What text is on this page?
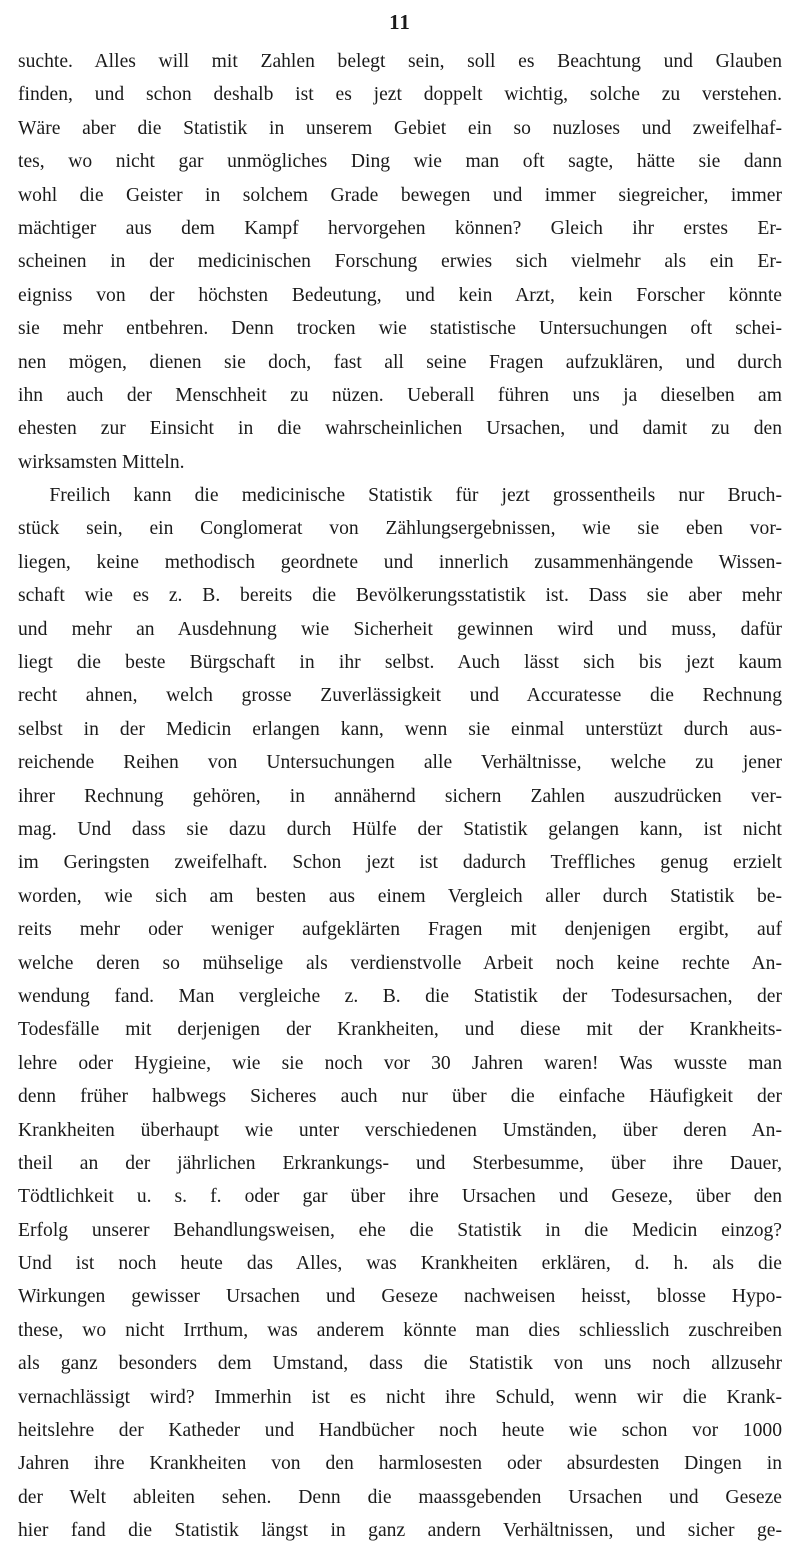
11
suchte. Alles will mit Zahlen belegt sein, soll es Beachtung und Glauben
finden, und schon deshalb ist es jezt doppelt wichtig, solche zu verstehen.
Wäre aber die Statistik in unserem Gebiet ein so nuzloses und zweifelhaf-
tes, wo nicht gar unmögliches Ding wie man oft sagte, hätte sie dann
wohl die Geister in solchem Grade bewegen und immer siegreicher, immer
mächtiger aus dem Kampf hervorgehen können? Gleich ihr erstes Er-
scheinen in der medicinischen Forschung erwies sich vielmehr als ein Er-
eigniss von der höchsten Bedeutung, und kein Arzt, kein Forscher könnte
sie mehr entbehren. Denn trocken wie statistische Untersuchungen oft schei-
nen mögen, dienen sie doch, fast all seine Fragen aufzuklären, und durch
ihn auch der Menschheit zu nüzen. Ueberall führen uns ja dieselben am
ehesten zur Einsicht in die wahrscheinlichen Ursachen, und damit zu den
wirksamsten Mitteln.
Freilich kann die medicinische Statistik für jezt grossentheils nur Bruch-
stück sein, ein Conglomerat von Zählungsergebnissen, wie sie eben vor-
liegen, keine methodisch geordnete und innerlich zusammenhängende Wissen-
schaft wie es z. B. bereits die Bevölkerungsstatistik ist. Dass sie aber mehr
und mehr an Ausdehnung wie Sicherheit gewinnen wird und muss, dafür
liegt die beste Bürgschaft in ihr selbst. Auch lässt sich bis jezt kaum
recht ahnen, welch grosse Zuverlässigkeit und Accuratesse die Rechnung
selbst in der Medicin erlangen kann, wenn sie einmal unterstüzt durch aus-
reichende Reihen von Untersuchungen alle Verhältnisse, welche zu jener
ihrer Rechnung gehören, in annähernd sichern Zahlen auszudrücken ver-
mag. Und dass sie dazu durch Hülfe der Statistik gelangen kann, ist nicht
im Geringsten zweifelhaft. Schon jezt ist dadurch Treffliches genug erzielt
worden, wie sich am besten aus einem Vergleich aller durch Statistik be-
reits mehr oder weniger aufgeklärten Fragen mit denjenigen ergibt, auf
welche deren so mühselige als verdienstvolle Arbeit noch keine rechte An-
wendung fand. Man vergleiche z. B. die Statistik der Todesursachen, der
Todesfälle mit derjenigen der Krankheiten, und diese mit der Krankheits-
lehre oder Hygieine, wie sie noch vor 30 Jahren waren! Was wusste man
denn früher halbwegs Sicheres auch nur über die einfache Häufigkeit der
Krankheiten überhaupt wie unter verschiedenen Umständen, über deren An-
theil an der jährlichen Erkrankungs- und Sterbesumme, über ihre Dauer,
Tödtlichkeit u. s. f. oder gar über ihre Ursachen und Geseze, über den
Erfolg unserer Behandlungsweisen, ehe die Statistik in die Medicin einzog?
Und ist noch heute das Alles, was Krankheiten erklären, d. h. als die
Wirkungen gewisser Ursachen und Geseze nachweisen heisst, blosse Hypo-
these, wo nicht Irrthum, was anderem könnte man dies schliesslich zuschreiben
als ganz besonders dem Umstand, dass die Statistik von uns noch allzusehr
vernachlässigt wird? Immerhin ist es nicht ihre Schuld, wenn wir die Krank-
heitslehre der Katheder und Handbücher noch heute wie schon vor 1000
Jahren ihre Krankheiten von den harmlosesten oder absurdesten Dingen in
der Welt ableiten sehen. Denn die maassgebenden Ursachen und Geseze
hier fand die Statistik längst in ganz andern Verhältnissen, und sicher ge-
